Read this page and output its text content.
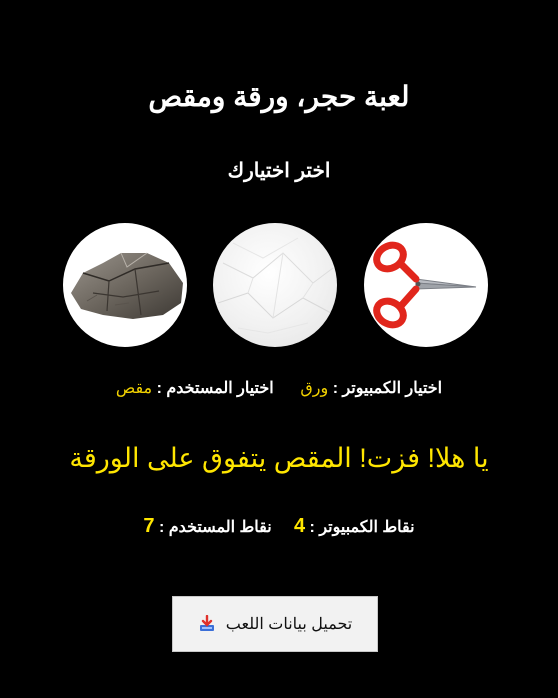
لعبة حجر، ورقة ومقص
اختر اختيارك
اختيار الكمبيوتر : ورق      اختيار المستخدم : مقص
يا هلا! فزت! المقص يتفوق على الورقة
نقاط الكمبيوتر : 4     نقاط المستخدم : 7
تحميل بيانات اللعب
